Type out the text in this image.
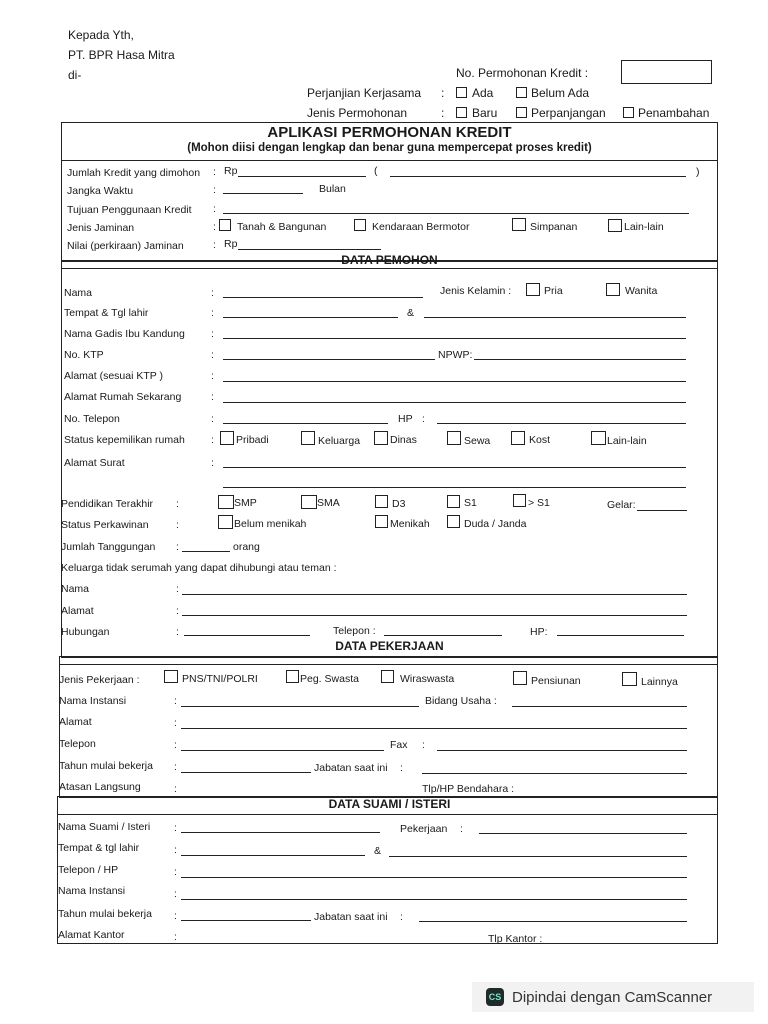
Kepada Yth,
PT. BPR Hasa Mitra
di-	No. Permohonan Kredit :
Perjanjian Kerjasama : Ada	Belum Ada
Jenis Permohonan	: Baru	Perpanjangan	Penambahan
APLIKASI PERMOHONAN KREDIT
(Mohon diisi dengan lengkap dan benar guna mempercepat proses kredit)
Jumlah Kredit yang dimohon : Rp	(	)
Jangka Waktu	:	Bulan
Tujuan Penggunaan Kredit :
Jenis Jaminan	: Tanah & Bangunan	Kendaraan Bermotor	Simpanan	Lain-lain
Nilai (perkiraan) Jaminan	: Rp
DATA PEMOHON
Nama	:	Jenis Kelamin :	Pria	Wanita
Tempat & Tgl lahir	:	&
Nama Gadis Ibu Kandung :
No. KTP	:	NPWP:
Alamat (sesuai KTP )	:
Alamat Rumah Sekarang	:
No. Telepon	:	HP :
Status kepemilikan rumah : Pribadi	Keluarga	Dinas	Sewa	Kost	Lain-lain
Alamat Surat	:
Pendidikan Terakhir :	SMP	SMA	D3	S1	> S1	Gelar:
Status Perkawinan	:	Belum menikah	Menikah	Duda / Janda
Jumlah Tanggungan :	orang
Keluarga tidak serumah yang dapat dihubungi atau teman :
Nama	:
Alamat	:
Hubungan	:	Telepon :	HP:
DATA PEKERJAAN
Jenis Pekerjaan :	PNS/TNI/POLRI	Peg. Swasta	Wiraswasta	Pensiunan	Lainnya
Nama Instansi	:	Bidang Usaha :
Alamat	:
Telepon	:	Fax :
Tahun mulai bekerja :	Jabatan saat ini :
Atasan Langsung	:	Tlp/HP Bendahara :
DATA SUAMI / ISTERI
Nama Suami / Isteri :	Pekerjaan :
Tempat & tgl lahir	:	&
Telepon / HP	:
Nama Instansi	:
Tahun mulai bekerja :	Jabatan saat ini :
Alamat Kantor	:	Tlp Kantor :
CS Dipindai dengan CamScanner
